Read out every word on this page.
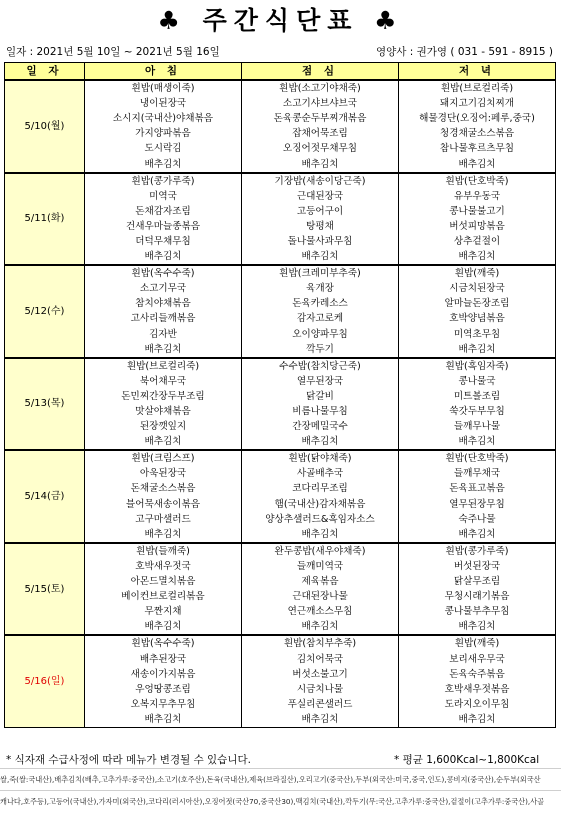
♣ 주간식단표 ♣
일자 : 2021년 5월 10일 ~ 2021년 5월 16일	영양사 : 권가영 ( 031 - 591 - 8915 )
일 자	아 침	점 심	저 녁
5/10(월)	흰밥(매생이죽)	흰밥(소고기야채죽)	흰밥(브로컬리죽)
	냉이된장국	소고기샤브샤브국	돼지고기김치찌개
	소시지(국내산)야채볶음	돈육콩순두부찌개볶음	해물경단(오징어:페루,중국)
	가지양파볶음	잡채어묵조림	청경채굴소스볶음
	도시락김	오징어젓무채무침	참나물후르츠무침
	배추김치	배추김치	배추김치
5/11(화)	흰밥(콩가루죽)	기장밥(새송이당근죽)	흰밥(단호박죽)
	미역국	근대된장국	유부우동국
	돈채감자조림	고등어구이	콩나물불고기
	건새우마늘종볶음	탕평채	버섯피망볶음
	더덕무채무침	돌나물사과무침	상추겉절이
	배추김치	배추김치	배추김치
5/12(수)	흰밥(옥수수죽)	흰밥(크레미부추죽)	흰밥(깨죽)
	소고기무국	육개장	시금치된장국
	참치야채볶음	돈육카레소스	알마늘돈장조림
	고사리들깨볶음	감자고로케	호박양념볶음
	김자반	오이양파무침	미역초무침
	배추김치	깍두기	배추김치
5/13(목)	흰밥(브로컬리죽)	수수밥(참치당근죽)	흰밥(흑임자죽)
	북어채무국	열무된장국	콩나물국
	돈민찌간장두부조림	닭갈비	미트볼조림
	맛살야채볶음	비름나물무침	쑥갓두부무침
	된장깻잎지	간장메밀국수	들깨무나물
	배추김치	배추김치	배추김치
5/14(금)	흰밥(크림스프)	흰밥(닭야채죽)	흰밥(단호박죽)
	아욱된장국	사골배추국	들깨무채국
	돈채굴소스볶음	코다리무조림	돈육표고볶음
	블어묵새송이볶음	햄(국내산)감자채볶음	열무된장무침
	고구마샐러드	양상추샐러드&흑임자소스	숙주나물
	배추김치	배추김치	배추김치
5/15(토)	흰밥(들깨죽)	완두콩밥(새우야채죽)	흰밥(콩가루죽)
	호박새우젓국	들깨미역국	버섯된장국
	아몬드멸치볶음	제육볶음	닭살무조림
	베이컨브로컬리볶음	근대된장나물	무청시래기볶음
	무짠지채	연근깨소스무침	콩나물부추무침
	배추김치	배추김치	배추김치
5/16(일)	흰밥(옥수수죽)	흰밥(참치부추죽)	흰밥(깨죽)
	배추된장국	김치어묵국	보리새우무국
	새송이가지볶음	버섯소불고기	돈육숙주볶음
	우엉땅콩조림	시금치나물	호박새우젓볶음
	오복지무추무침	푸실리콘샐러드	도라지오이무침
	배추김치	배추김치	배추김치
* 식자재 수급사정에 따라 메뉴가 변경될 수 있습니다.	* 평균 1,600Kcal~1,800Kcal
쌀,죽(쌀:국내산),배추김치(배추,고추가루:중국산),소고기(호주산),돈육(국내산),제육(브라질산),오리고기(중국산),두부(외국산:미국,중국,인도),콩비지(중국산),순두부(외국산
캐나다,호주등),고등어(국내산),가자미(외국산),코다리(러시아산),오징어젓(국산70,중국산30),맥김치(국내산),깍두기(무:국산,고추가루:중국산),겉절이(고추가루:중국산),사골
